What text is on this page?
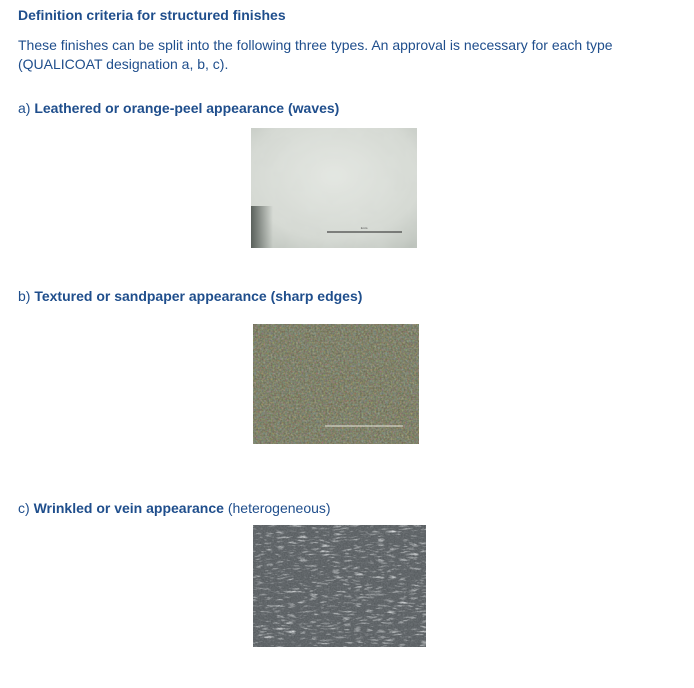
Definition criteria for structured finishes
These finishes can be split into the following three types. An approval is necessary for each type (QUALICOAT designation a, b, c).
a) Leathered or orange-peel appearance (waves)
1mm
b) Textured or sandpaper appearance (sharp edges)
c) Wrinkled or vein appearance (heterogeneous)
